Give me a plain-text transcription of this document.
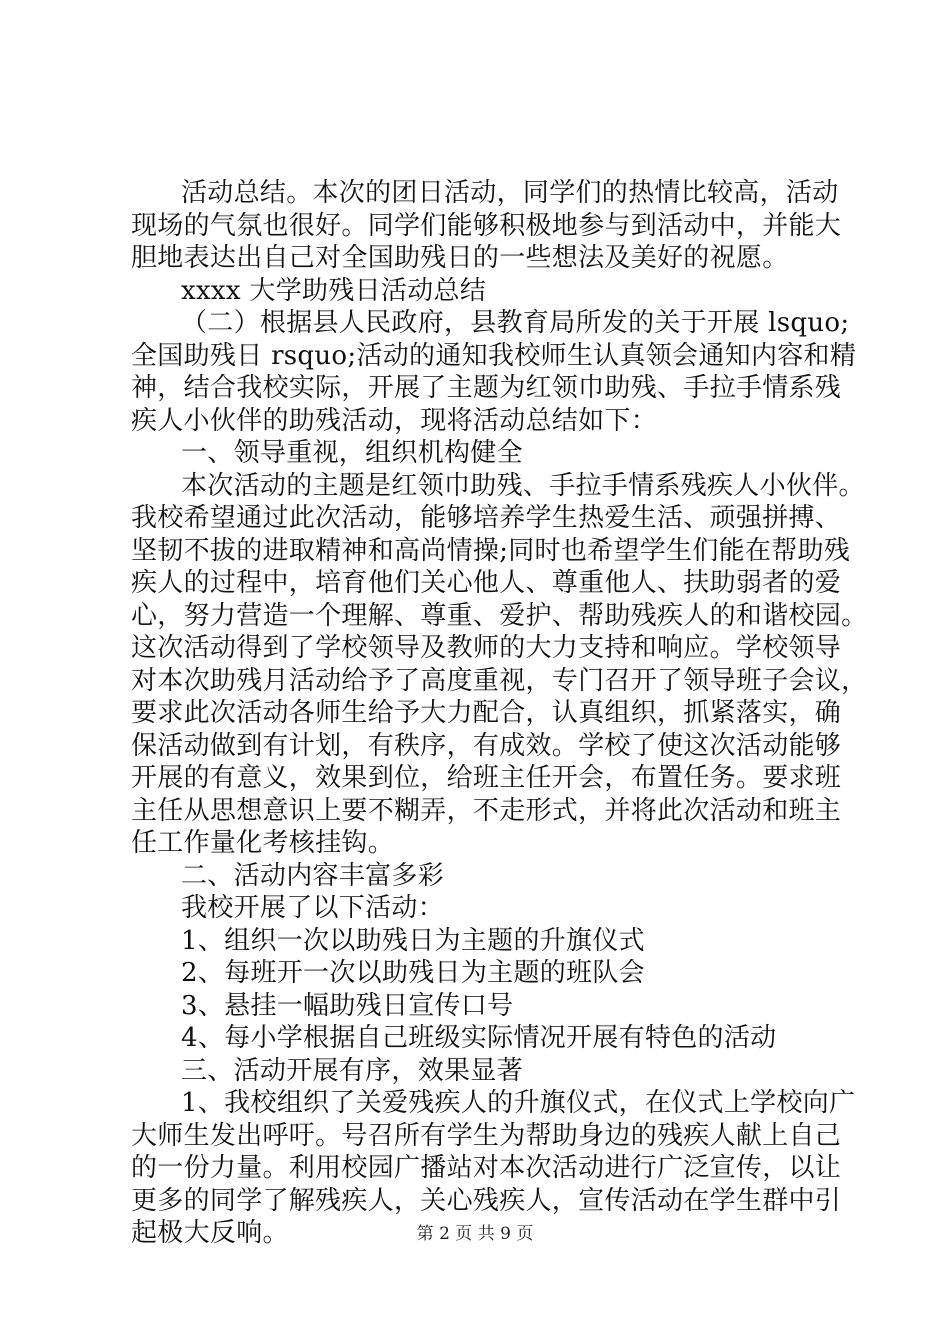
活动总结。本次的团日活动，同学们的热情比较高，活动
现场的气氛也很好。同学们能够积极地参与到活动中，并能大
胆地表达出自己对全国助残日的一些想法及美好的祝愿。
xxxx 大学助残日活动总结
（二）根据县人民政府，县教育局所发的关于开展 lsquo;
全国助残日 rsquo;活动的通知我校师生认真领会通知内容和精
神，结合我校实际，开展了主题为红领巾助残、手拉手情系残
疾人小伙伴的助残活动，现将活动总结如下：
一、领导重视，组织机构健全
本次活动的主题是红领巾助残、手拉手情系残疾人小伙伴。
我校希望通过此次活动，能够培养学生热爱生活、顽强拼搏、
坚韧不拔的进取精神和高尚情操;同时也希望学生们能在帮助残
疾人的过程中，培育他们关心他人、尊重他人、扶助弱者的爱
心，努力营造一个理解、尊重、爱护、帮助残疾人的和谐校园。
这次活动得到了学校领导及教师的大力支持和响应。学校领导
对本次助残月活动给予了高度重视，专门召开了领导班子会议，
要求此次活动各师生给予大力配合，认真组织，抓紧落实，确
保活动做到有计划，有秩序，有成效。学校了使这次活动能够
开展的有意义，效果到位，给班主任开会，布置任务。要求班
主任从思想意识上要不糊弄，不走形式，并将此次活动和班主
任工作量化考核挂钩。
二、活动内容丰富多彩
我校开展了以下活动：
1、组织一次以助残日为主题的升旗仪式
2、每班开一次以助残日为主题的班队会
3、悬挂一幅助残日宣传口号
4、每小学根据自己班级实际情况开展有特色的活动
三、活动开展有序，效果显著
1、我校组织了关爱残疾人的升旗仪式，在仪式上学校向广
大师生发出呼吁。号召所有学生为帮助身边的残疾人献上自己
的一份力量。利用校园广播站对本次活动进行广泛宣传，以让
更多的同学了解残疾人，关心残疾人，宣传活动在学生群中引
起极大反响。	第 2 页 共 9 页
